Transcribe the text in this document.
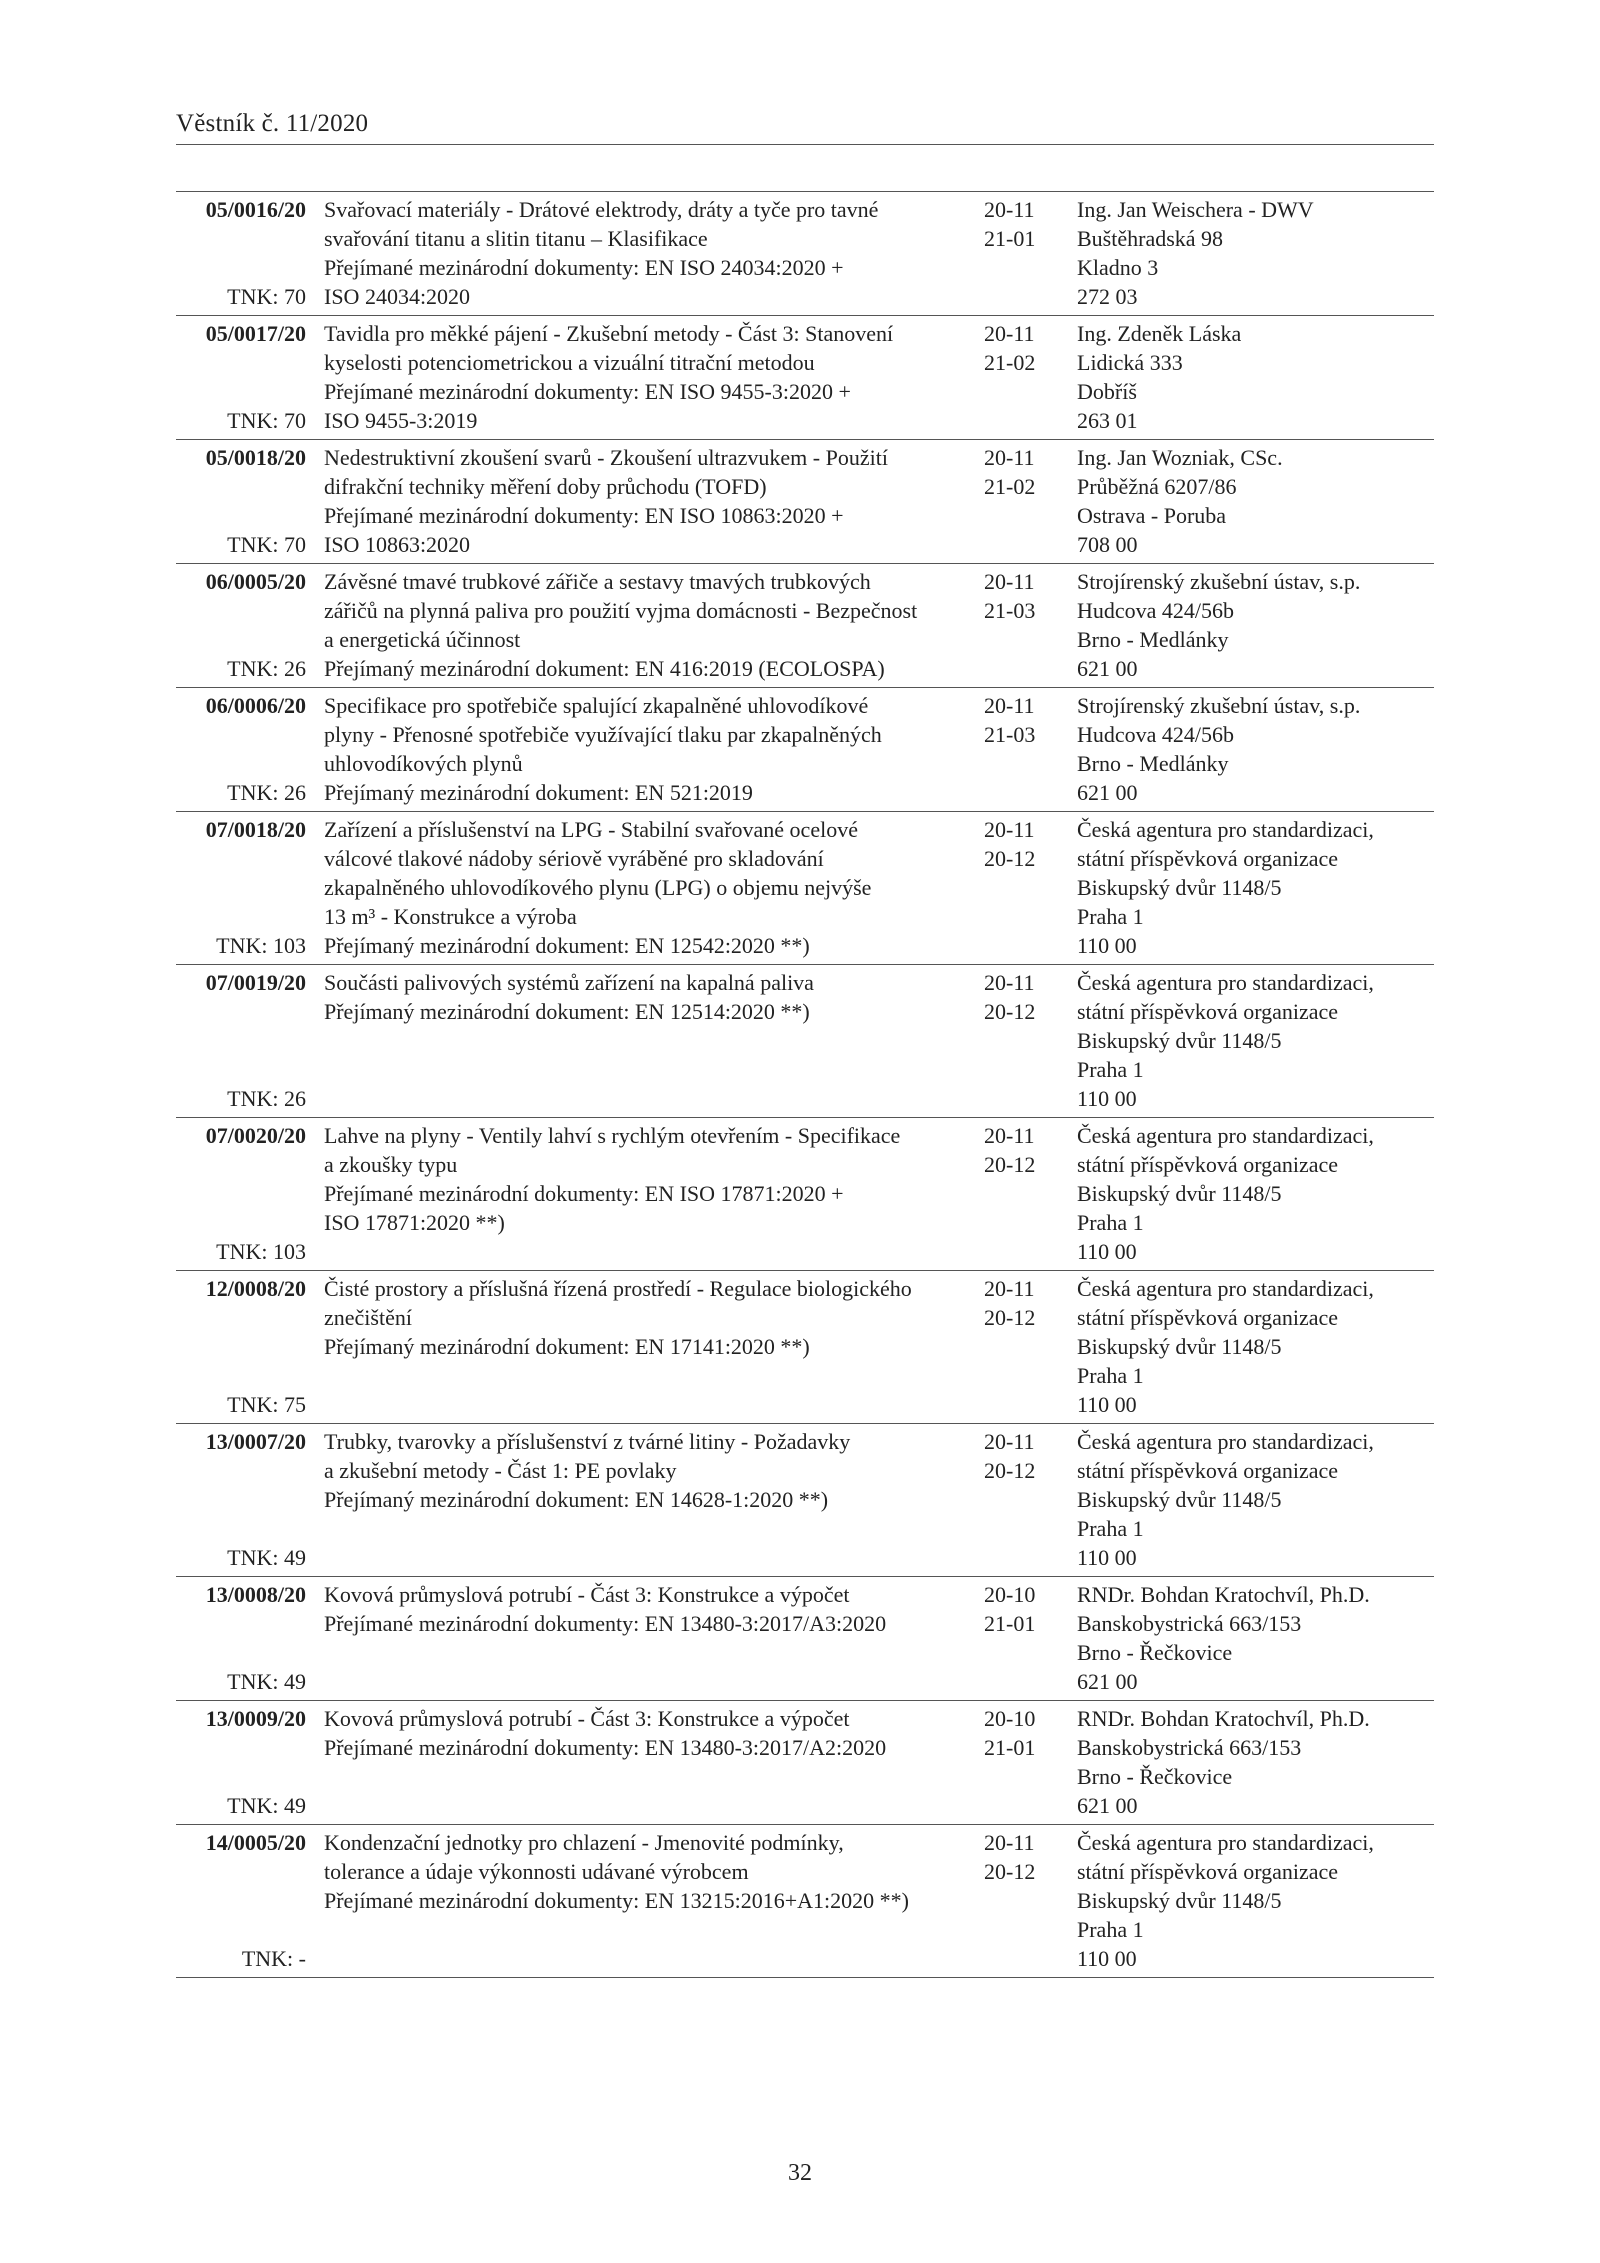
Věstník č. 11/2020
05/0016/20
TNK: 70
Svařovací materiály - Drátové elektrody, dráty a tyče pro tavné
svařování titanu a slitin titanu – Klasifikace
Přejímané mezinárodní dokumenty: EN ISO 24034:2020 +
ISO 24034:2020
20-11
21-01
Ing. Jan Weischera - DWV
Buštěhradská 98
Kladno 3
272 03
05/0017/20
TNK: 70
Tavidla pro měkké pájení - Zkušební metody - Část 3: Stanovení
kyselosti potenciometrickou a vizuální titrační metodou
Přejímané mezinárodní dokumenty: EN ISO 9455-3:2020 +
ISO 9455-3:2019
20-11
21-02
Ing. Zdeněk Láska
Lidická 333
Dobříš
263 01
05/0018/20
TNK: 70
Nedestruktivní zkoušení svarů - Zkoušení ultrazvukem - Použití
difrakční techniky měření doby průchodu (TOFD)
Přejímané mezinárodní dokumenty: EN ISO 10863:2020 +
ISO 10863:2020
20-11
21-02
Ing. Jan Wozniak, CSc.
Průběžná 6207/86
Ostrava - Poruba
708 00
06/0005/20
TNK: 26
Závěsné tmavé trubkové zářiče a sestavy tmavých trubkových
zářičů na plynná paliva pro použití vyjma domácnosti - Bezpečnost
a energetická účinnost
Přejímaný mezinárodní dokument: EN 416:2019 (ECOLOSPA)
20-11
21-03
Strojírenský zkušební ústav, s.p.
Hudcova 424/56b
Brno - Medlánky
621 00
06/0006/20
TNK: 26
Specifikace pro spotřebiče spalující zkapalněné uhlovodíkové
plyny - Přenosné spotřebiče využívající tlaku par zkapalněných
uhlovodíkových plynů
Přejímaný mezinárodní dokument: EN 521:2019
20-11
21-03
Strojírenský zkušební ústav, s.p.
Hudcova 424/56b
Brno - Medlánky
621 00
07/0018/20
TNK: 103
Zařízení a příslušenství na LPG - Stabilní svařované ocelové
válcové tlakové nádoby sériově vyráběné pro skladování
zkapalněného uhlovodíkového plynu (LPG) o objemu nejvýše
13 m³ - Konstrukce a výroba
Přejímaný mezinárodní dokument: EN 12542:2020 **)
20-11
20-12
Česká agentura pro standardizaci,
státní příspěvková organizace
Biskupský dvůr 1148/5
Praha 1
110 00
07/0019/20
TNK: 26
Součásti palivových systémů zařízení na kapalná paliva
Přejímaný mezinárodní dokument: EN 12514:2020 **)
20-11
20-12
Česká agentura pro standardizaci,
státní příspěvková organizace
Biskupský dvůr 1148/5
Praha 1
110 00
07/0020/20
TNK: 103
Lahve na plyny - Ventily lahví s rychlým otevřením - Specifikace
a zkoušky typu
Přejímané mezinárodní dokumenty: EN ISO 17871:2020 +
ISO 17871:2020 **)
20-11
20-12
Česká agentura pro standardizaci,
státní příspěvková organizace
Biskupský dvůr 1148/5
Praha 1
110 00
12/0008/20
TNK: 75
Čisté prostory a příslušná řízená prostředí - Regulace biologického
znečištění
Přejímaný mezinárodní dokument: EN 17141:2020 **)
20-11
20-12
Česká agentura pro standardizaci,
státní příspěvková organizace
Biskupský dvůr 1148/5
Praha 1
110 00
13/0007/20
TNK: 49
Trubky, tvarovky a příslušenství z tvárné litiny - Požadavky
a zkušební metody - Část 1: PE povlaky
Přejímaný mezinárodní dokument: EN 14628-1:2020 **)
20-11
20-12
Česká agentura pro standardizaci,
státní příspěvková organizace
Biskupský dvůr 1148/5
Praha 1
110 00
13/0008/20
TNK: 49
Kovová průmyslová potrubí - Část 3: Konstrukce a výpočet
Přejímané mezinárodní dokumenty: EN 13480-3:2017/A3:2020
20-10
21-01
RNDr. Bohdan Kratochvíl, Ph.D.
Banskobystrická 663/153
Brno - Řečkovice
621 00
13/0009/20
TNK: 49
Kovová průmyslová potrubí - Část 3: Konstrukce a výpočet
Přejímané mezinárodní dokumenty: EN 13480-3:2017/A2:2020
20-10
21-01
RNDr. Bohdan Kratochvíl, Ph.D.
Banskobystrická 663/153
Brno - Řečkovice
621 00
14/0005/20
TNK: -
Kondenzační jednotky pro chlazení - Jmenovité podmínky,
tolerance a údaje výkonnosti udávané výrobcem
Přejímané mezinárodní dokumenty: EN 13215:2016+A1:2020 **)
20-11
20-12
Česká agentura pro standardizaci,
státní příspěvková organizace
Biskupský dvůr 1148/5
Praha 1
110 00
32
